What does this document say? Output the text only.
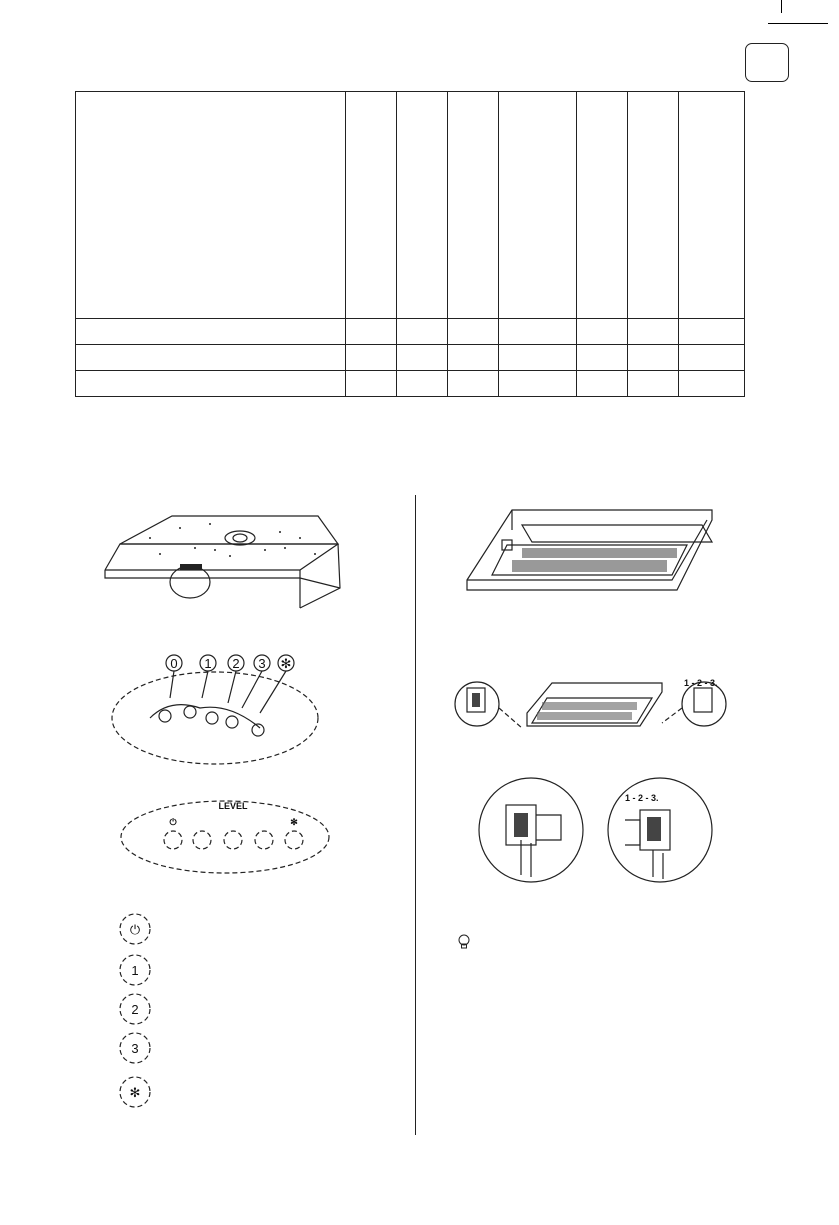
0 1 2 3 ✻
LEVEL
⏻	✻
⏻
1
2
3
✻
1 - 2 - 3.
1 - 2 - 3.
